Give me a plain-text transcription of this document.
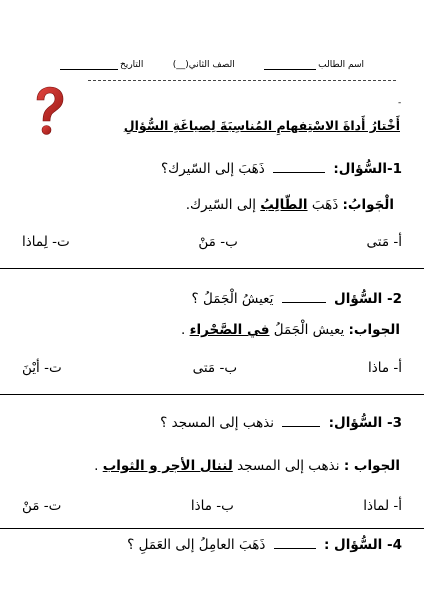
اسم الطالب
الصف الثاني(__)
التاريخ
-
أَخْتارُ أَداةَ الاسْتِفهامِ المُناسِبَةَ لِصياغَةِ السُّؤالِ
1-السُّؤال:  ذَهَبَ إلى السّيرك؟
الْجَوابُ: ذَهَبَ الطّالِبُ إلى السّيرك.
أ- مَتى
ب- مَنْ
ت- لِماذا
2- السُّؤال  يَعيشُ الْجَمَلُ ؟
الجواب: يعيش الْجَمَلُ في الصَّحْراء .
أ- ماذا
ب- مَتى
ت- أيْنَ
3- السُّؤال:  نذهب إلى المسجد ؟
الجواب : نذهب إلى المسجد لننال الأجر و الثواب .
أ- لماذا
ب- ماذا
ت- مَنْ
4- السُّؤال :  ذَهَبَ العامِلُ إلى العَمَلِ ؟
